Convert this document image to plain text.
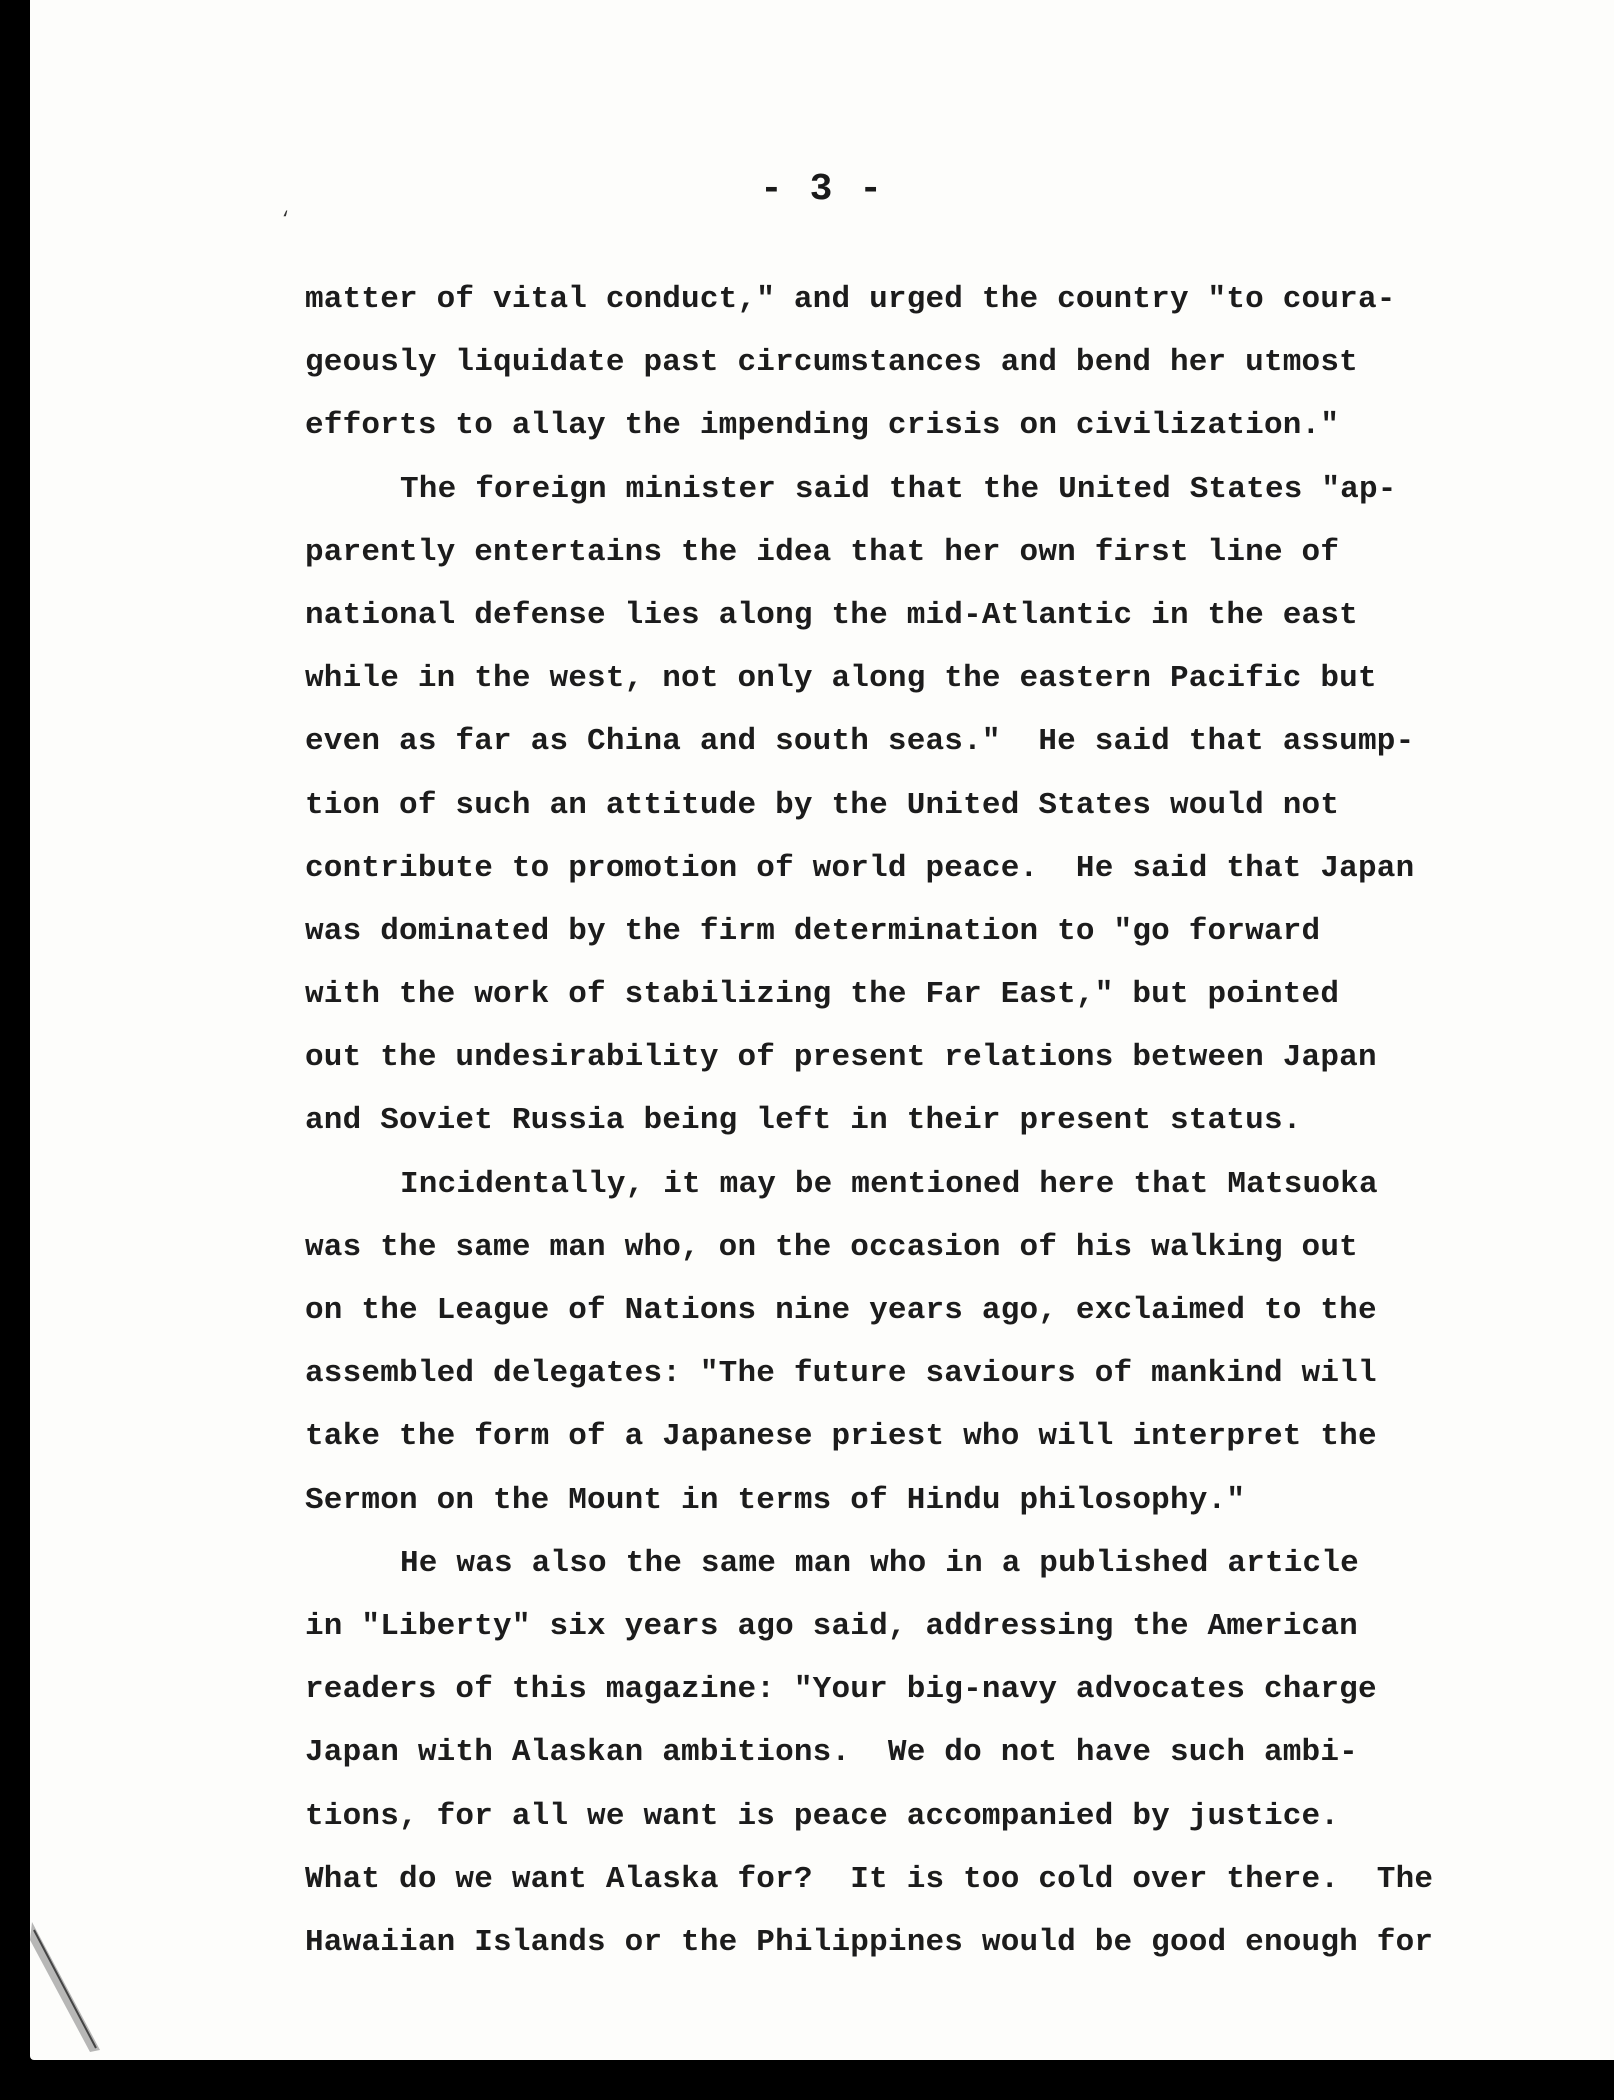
- 3 -
‘
matter of vital conduct," and urged the country "to coura-
geously liquidate past circumstances and bend her utmost
efforts to allay the impending crisis on civilization."
The foreign minister said that the United States "ap-
parently entertains the idea that her own first line of
national defense lies along the mid-Atlantic in the east
while in the west, not only along the eastern Pacific but
even as far as China and south seas."  He said that assump-
tion of such an attitude by the United States would not
contribute to promotion of world peace.  He said that Japan
was dominated by the firm determination to "go forward
with the work of stabilizing the Far East," but pointed
out the undesirability of present relations between Japan
and Soviet Russia being left in their present status.
Incidentally, it may be mentioned here that Matsuoka
was the same man who, on the occasion of his walking out
on the League of Nations nine years ago, exclaimed to the
assembled delegates: "The future saviours of mankind will
take the form of a Japanese priest who will interpret the
Sermon on the Mount in terms of Hindu philosophy."
He was also the same man who in a published article
in "Liberty" six years ago said, addressing the American
readers of this magazine: "Your big-navy advocates charge
Japan with Alaskan ambitions.  We do not have such ambi-
tions, for all we want is peace accompanied by justice.
What do we want Alaska for?  It is too cold over there.  The
Hawaiian Islands or the Philippines would be good enough for
